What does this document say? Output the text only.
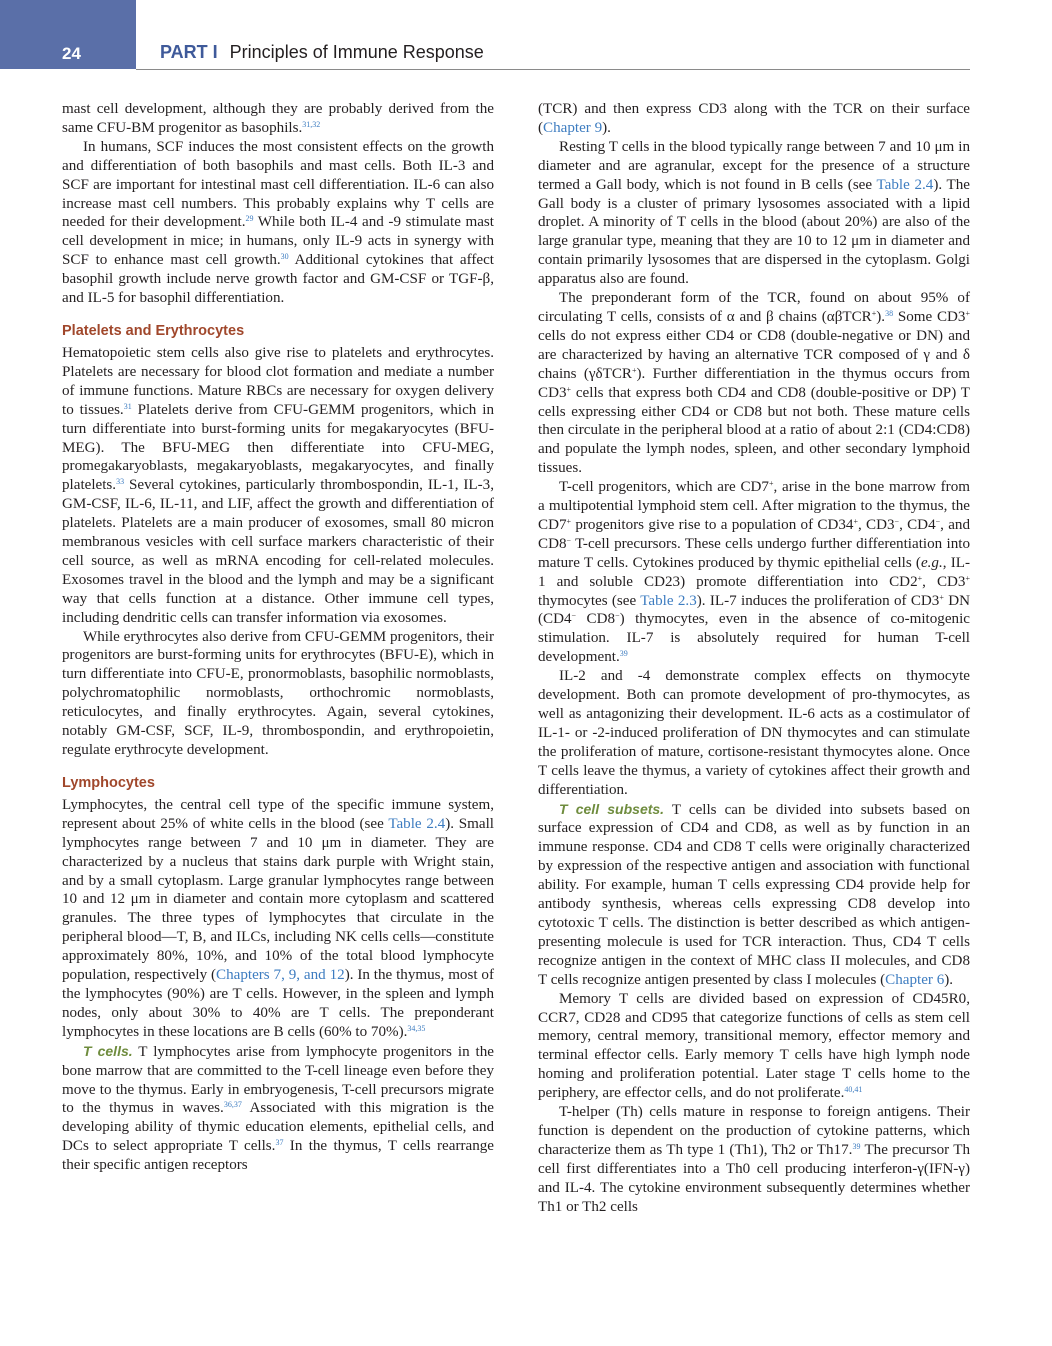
24	PART I Principles of Immune Response

mast cell development, although they are probably derived from the same CFU-BM progenitor as basophils.$^{31,32}$

In humans, SCF induces the most consistent effects on the growth and differentiation of both basophils and mast cells. Both IL-3 and SCF are important for intestinal mast cell differentiation. IL-6 can also increase mast cell numbers. This probably explains why T cells are needed for their development.$^{29}$ While both IL-4 and -9 stimulate mast cell development in mice; in humans, only IL-9 acts in synergy with SCF to enhance mast cell growth.$^{30}$ Additional cytokines that affect basophil growth include nerve growth factor and GM-CSF or TGF-β, and IL-5 for basophil differentiation.

Platelets and Erythrocytes

Hematopoietic stem cells also give rise to platelets and erythrocytes. Platelets are necessary for blood clot formation and mediate a number of immune functions. Mature RBCs are necessary for oxygen delivery to tissues.$^{31}$ Platelets derive from CFU-GEMM progenitors, which in turn differentiate into burst-forming units for megakaryocytes (BFU-MEG). The BFU-MEG then differentiate into CFU-MEG, promegakaryoblasts, megakaryoblasts, megakaryocytes, and finally platelets.$^{33}$ Several cytokines, particularly thrombospondin, IL-1, IL-3, GM-CSF, IL-6, IL-11, and LIF, affect the growth and differentiation of platelets. Platelets are a main producer of exosomes, small 80 micron membranous vesicles with cell surface markers characteristic of their cell source, as well as mRNA encoding for cell-related molecules. Exosomes travel in the blood and the lymph and may be a significant way that cells function at a distance. Other immune cell types, including dendritic cells can transfer information via exosomes.

While erythrocytes also derive from CFU-GEMM progenitors, their progenitors are burst-forming units for erythrocytes (BFU-E), which in turn differentiate into CFU-E, pronormoblasts, basophilic normoblasts, polychromatophilic normoblasts, orthochromic normoblasts, reticulocytes, and finally erythrocytes. Again, several cytokines, notably GM-CSF, SCF, IL-9, thrombospondin, and erythropoietin, regulate erythrocyte development.

Lymphocytes

Lymphocytes, the central cell type of the specific immune system, represent about 25% of white cells in the blood (see Table 2.4). Small lymphocytes range between 7 and 10 μm in diameter. They are characterized by a nucleus that stains dark purple with Wright stain, and by a small cytoplasm. Large granular lymphocytes range between 10 and 12 μm in diameter and contain more cytoplasm and scattered granules. The three types of lymphocytes that circulate in the peripheral blood—T, B, and ILCs, including NK cells cells—constitute approximately 80%, 10%, and 10% of the total blood lymphocyte population, respectively (Chapters 7, 9, and 12). In the thymus, most of the lymphocytes (90%) are T cells. However, in the spleen and lymph nodes, only about 30% to 40% are T cells. The preponderant lymphocytes in these locations are B cells (60% to 70%).$^{34,35}$

T cells. T lymphocytes arise from lymphocyte progenitors in the bone marrow that are committed to the T-cell lineage even before they move to the thymus. Early in embryogenesis, T-cell precursors migrate to the thymus in waves.$^{36,37}$ Associated with this migration is the developing ability of thymic education elements, epithelial cells, and DCs to select appropriate T cells.$^{37}$ In the thymus, T cells rearrange their specific antigen receptors

(TCR) and then express CD3 along with the TCR on their surface (Chapter 9).

Resting T cells in the blood typically range between 7 and 10 μm in diameter and are agranular, except for the presence of a structure termed a Gall body, which is not found in B cells (see Table 2.4). The Gall body is a cluster of primary lysosomes associated with a lipid droplet. A minority of T cells in the blood (about 20%) are also of the large granular type, meaning that they are 10 to 12 μm in diameter and contain primarily lysosomes that are dispersed in the cytoplasm. Golgi apparatus also are found.

The preponderant form of the TCR, found on about 95% of circulating T cells, consists of α and β chains (αβTCR+).$^{38}$ Some CD3+ cells do not express either CD4 or CD8 (double-negative or DN) and are characterized by having an alternative TCR composed of γ and δ chains (γδTCR+). Further differentiation in the thymus occurs from CD3+ cells that express both CD4 and CD8 (double-positive or DP) T cells expressing either CD4 or CD8 but not both. These mature cells then circulate in the peripheral blood at a ratio of about 2:1 (CD4:CD8) and populate the lymph nodes, spleen, and other secondary lymphoid tissues.

T-cell progenitors, which are CD7+, arise in the bone marrow from a multipotential lymphoid stem cell. After migration to the thymus, the CD7+ progenitors give rise to a population of CD34+, CD3−, CD4−, and CD8− T-cell precursors. These cells undergo further differentiation into mature T cells. Cytokines produced by thymic epithelial cells (e.g., IL-1 and soluble CD23) promote differentiation into CD2+, CD3+ thymocytes (see Table 2.3). IL-7 induces the proliferation of CD3+ DN (CD4− CD8−) thymocytes, even in the absence of co-mitogenic stimulation. IL-7 is absolutely required for human T-cell development.$^{39}$

IL-2 and -4 demonstrate complex effects on thymocyte development. Both can promote development of pro-thymocytes, as well as antagonizing their development. IL-6 acts as a costimulator of IL-1- or -2-induced proliferation of DN thymocytes and can stimulate the proliferation of mature, cortisone-resistant thymocytes alone. Once T cells leave the thymus, a variety of cytokines affect their growth and differentiation.

T cell subsets. T cells can be divided into subsets based on surface expression of CD4 and CD8, as well as by function in an immune response. CD4 and CD8 T cells were originally characterized by expression of the respective antigen and association with functional ability. For example, human T cells expressing CD4 provide help for antibody synthesis, whereas cells expressing CD8 develop into cytotoxic T cells. The distinction is better described as which antigen-presenting molecule is used for TCR interaction. Thus, CD4 T cells recognize antigen in the context of MHC class II molecules, and CD8 T cells recognize antigen presented by class I molecules (Chapter 6).

Memory T cells are divided based on expression of CD45R0, CCR7, CD28 and CD95 that categorize functions of cells as stem cell memory, central memory, transitional memory, effector memory and terminal effector cells. Early memory T cells have high lymph node homing and proliferation potential. Later stage T cells home to the periphery, are effector cells, and do not proliferate.$^{40,41}$

T-helper (Th) cells mature in response to foreign antigens. Their function is dependent on the production of cytokine patterns, which characterize them as Th type 1 (Th1), Th2 or Th17.39 The precursor Th cell first differentiates into a Th0 cell producing interferon-γ(IFN-γ) and IL-4. The cytokine environment subsequently determines whether Th1 or Th2 cells
